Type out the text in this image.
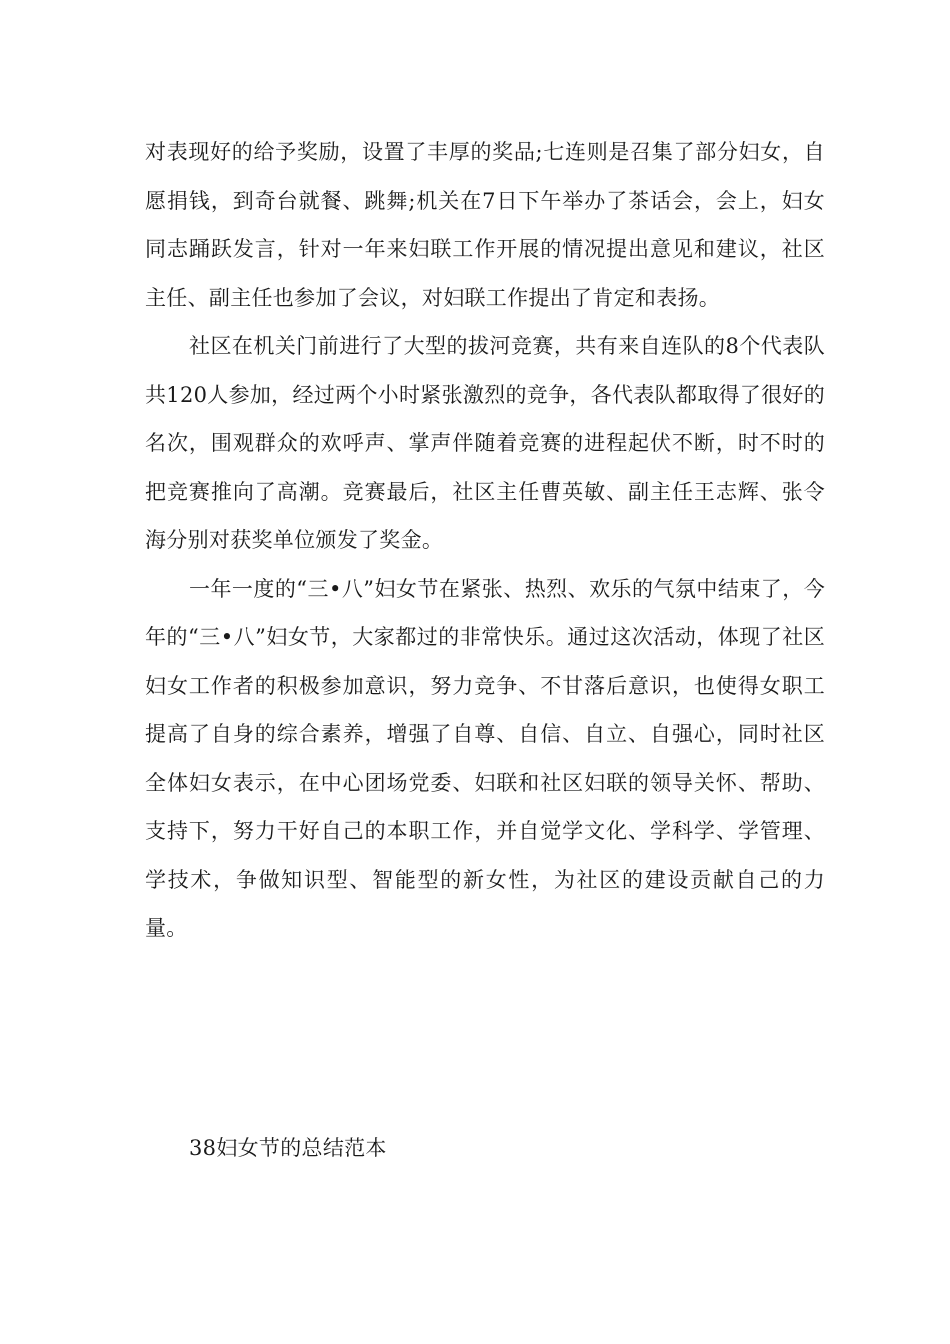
对表现好的给予奖励，设置了丰厚的奖品;七连则是召集了部分妇女，自愿捐钱，到奇台就餐、跳舞;机关在7日下午举办了茶话会，会上，妇女同志踊跃发言，针对一年来妇联工作开展的情况提出意见和建议，社区主任、副主任也参加了会议，对妇联工作提出了肯定和表扬。

社区在机关门前进行了大型的拔河竞赛，共有来自连队的8个代表队共120人参加，经过两个小时紧张激烈的竞争，各代表队都取得了很好的名次，围观群众的欢呼声、掌声伴随着竞赛的进程起伏不断，时不时的把竞赛推向了高潮。竞赛最后，社区主任曹英敏、副主任王志辉、张令海分别对获奖单位颁发了奖金。

一年一度的“三•八”妇女节在紧张、热烈、欢乐的气氛中结束了，今年的“三•八”妇女节，大家都过的非常快乐。通过这次活动，体现了社区妇女工作者的积极参加意识，努力竞争、不甘落后意识，也使得女职工提高了自身的综合素养，增强了自尊、自信、自立、自强心，同时社区全体妇女表示，在中心团场党委、妇联和社区妇联的领导关怀、帮助、支持下，努力干好自己的本职工作，并自觉学文化、学科学、学管理、学技术，争做知识型、智能型的新女性，为社区的建设贡献自己的力量。

38妇女节的总结范本
